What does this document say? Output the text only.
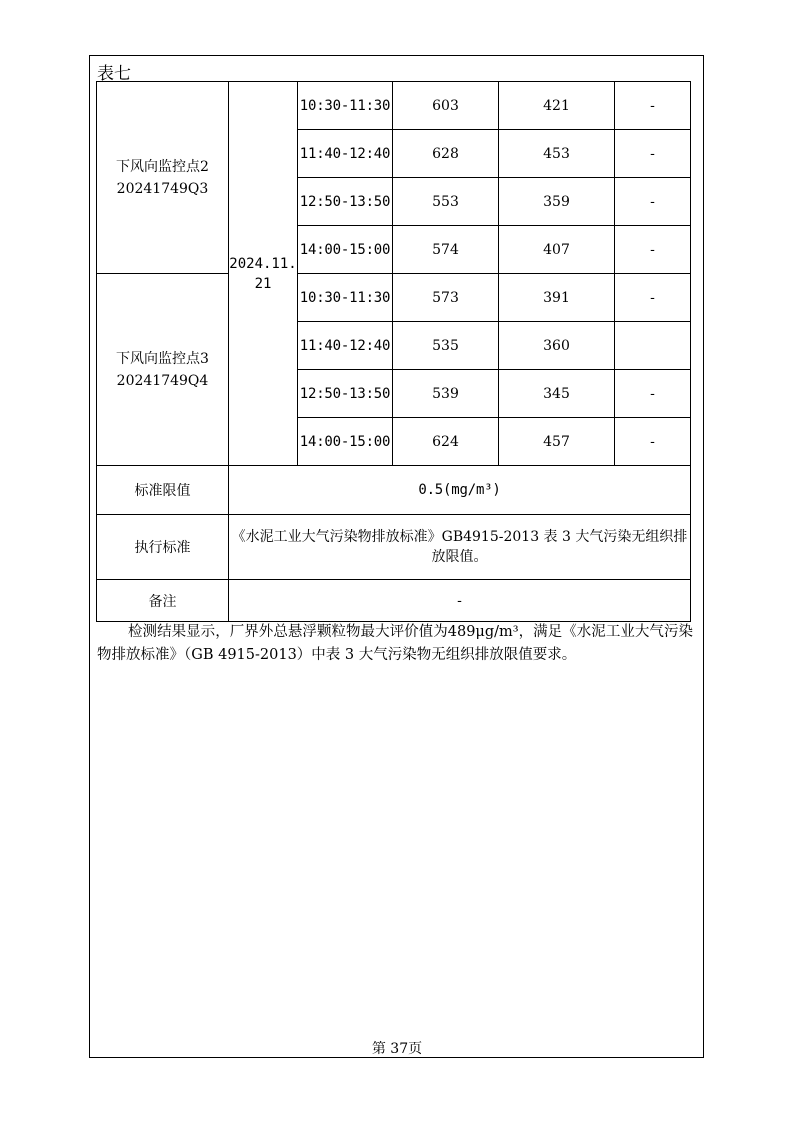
表七
下风向监控点2
20241749Q3	2024.11.21	10:30-11:30	603	421	-
		11:40-12:40	628	453	-
		12:50-13:50	553	359	-
		14:00-15:00	574	407	-
下风向监控点3
20241749Q4		10:30-11:30	573	391	-
		11:40-12:40	535	360	
		12:50-13:50	539	345	-
		14:00-15:00	624	457	-
标准限值	0.5(mg/m³)				
执行标准	《水泥工业大气污染物排放标准》GB4915-2013 表 3 大气污染无组织排放限值。				
备注	-				
检测结果显示，厂界外总悬浮颗粒物最大评价值为489μg/m³，满足《水泥工业大气污染物排放标准》（GB 4915-2013）中表 3 大气污染物无组织排放限值要求。
第 37页
